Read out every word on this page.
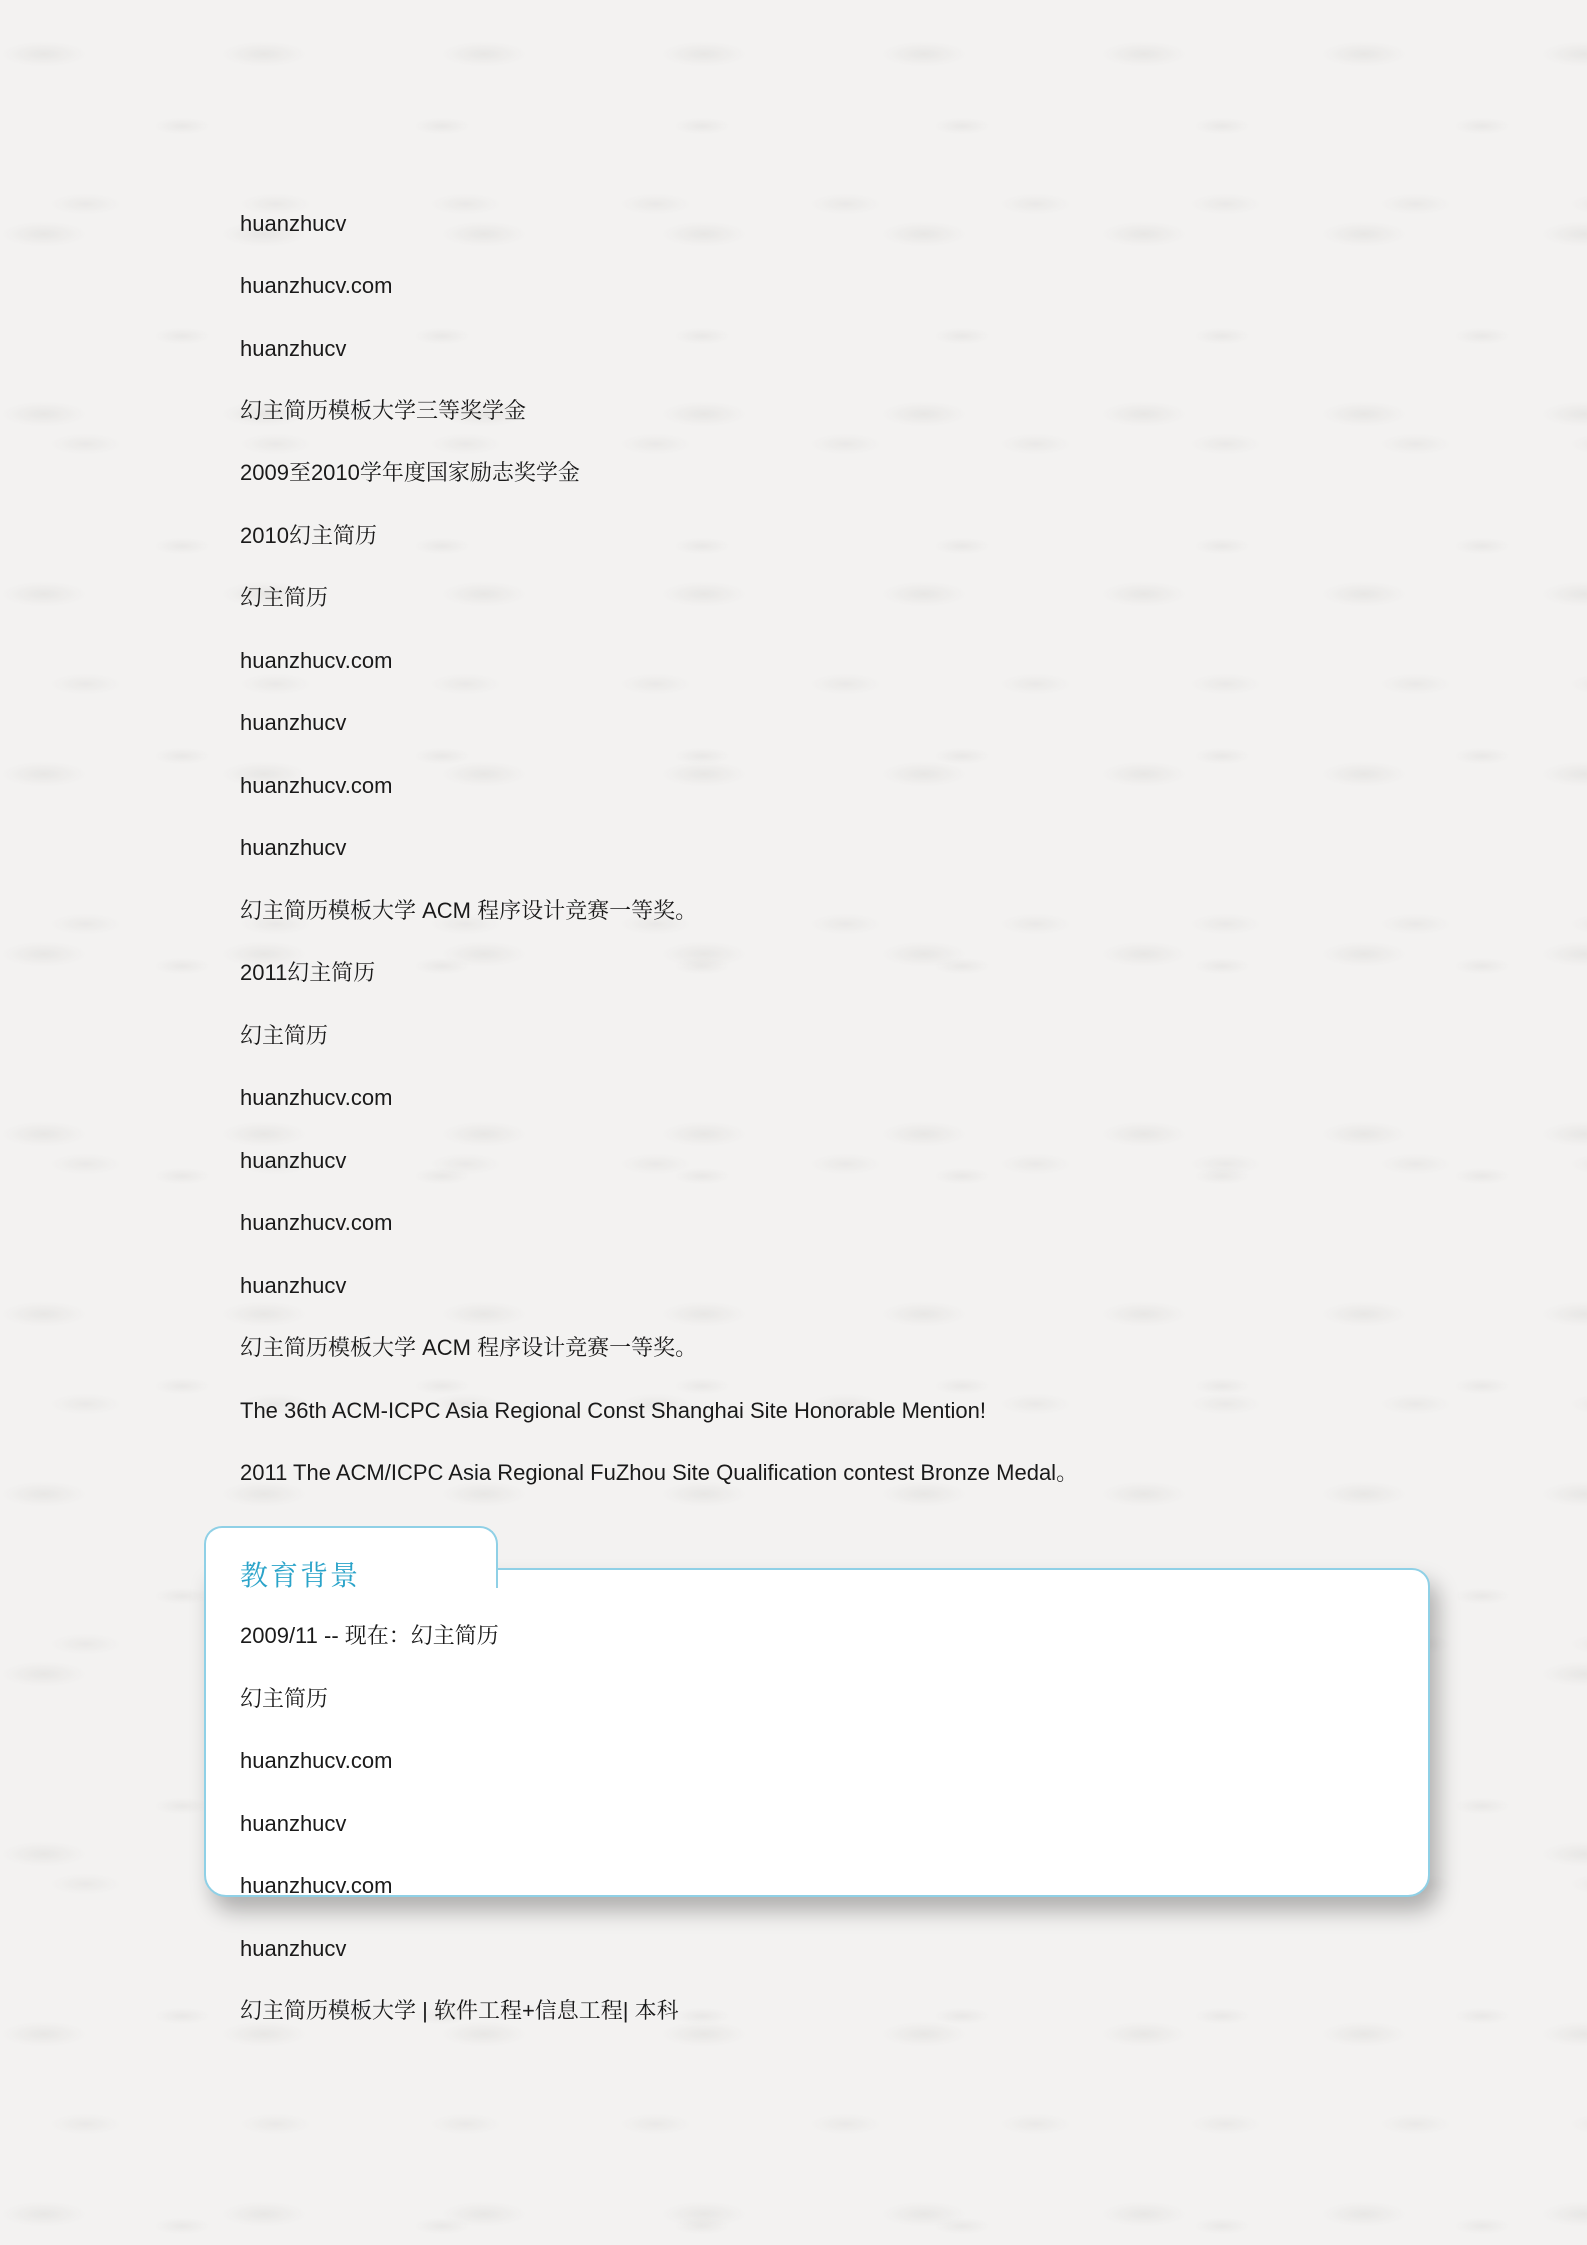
huanzhucv
huanzhucv.com
huanzhucv
幻主简历模板大学三等奖学金
2009至2010学年度国家励志奖学金
2010幻主简历
幻主简历
huanzhucv.com
huanzhucv
huanzhucv.com
huanzhucv
幻主简历模板大学 ACM 程序设计竞赛一等奖。
2011幻主简历
幻主简历
huanzhucv.com
huanzhucv
huanzhucv.com
huanzhucv
幻主简历模板大学 ACM 程序设计竞赛一等奖。
The 36th ACM-ICPC Asia Regional Const Shanghai Site Honorable Mention!
2011 The ACM/ICPC Asia Regional FuZhou Site Qualification contest Bronze Medal。
教育背景
2009/11 -- 现在：幻主简历
幻主简历
huanzhucv.com
huanzhucv
huanzhucv.com
huanzhucv
幻主简历模板大学 | 软件工程+信息工程| 本科
